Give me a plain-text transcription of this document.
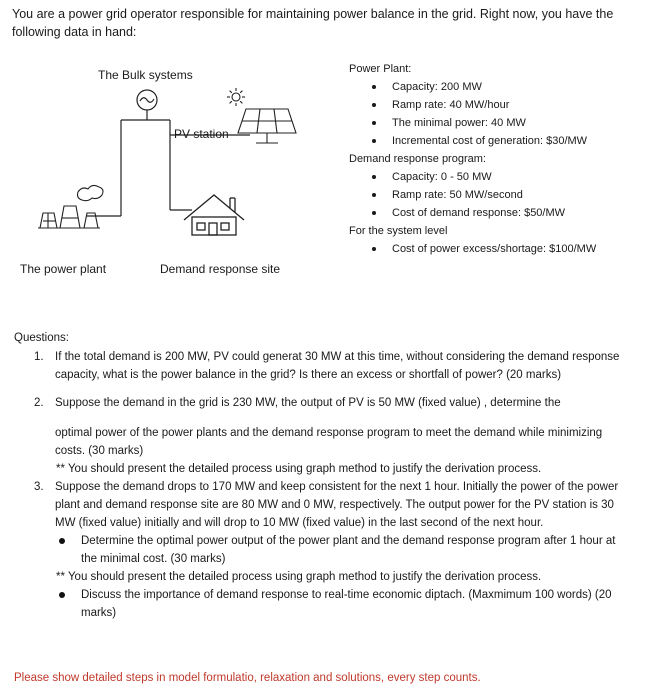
You are a power grid operator responsible for maintaining power balance in the grid. Right now, you have the following data in hand:
The Bulk systems
PV station
The power plant	Demand response site
Power Plant:
Capacity: 200 MW
Ramp rate: 40 MW/hour
The minimal power: 40 MW
Incremental cost of generation: $30/MW
Demand response program:
Capacity: 0 - 50 MW
Ramp rate: 50 MW/second
Cost of demand response: $50/MW
For the system level
Cost of power excess/shortage: $100/MW
Questions:
1. If the total demand is 200 MW, PV could generat 30 MW at this time, without considering the demand response capacity, what is the power balance in the grid? Is there an excess or shortfall of power? (20 marks)
2. Suppose the demand in the grid is 230 MW, the output of PV is 50 MW (fixed value) , determine the
optimal power of the power plants and the demand response program to meet the demand while minimizing costs. (30 marks)
** You should present the detailed process using graph method to justify the derivation process.
3. Suppose the demand drops to 170 MW and keep consistent for the next 1 hour. Initially the power of the power plant and demand response site are 80 MW and 0 MW, respectively. The output power for the PV station is 30 MW (fixed value) initially and will drop to 10 MW (fixed value) in the last second of the next hour.
Determine the optimal power output of the power plant and the demand response program after 1 hour at the minimal cost. (30 marks)
** You should present the detailed process using graph method to justify the derivation process.
Discuss the importance of demand response to real-time economic diptach. (Maxmimum 100 words) (20 marks)
Please show detailed steps in model formulatio, relaxation and solutions, every step counts.
